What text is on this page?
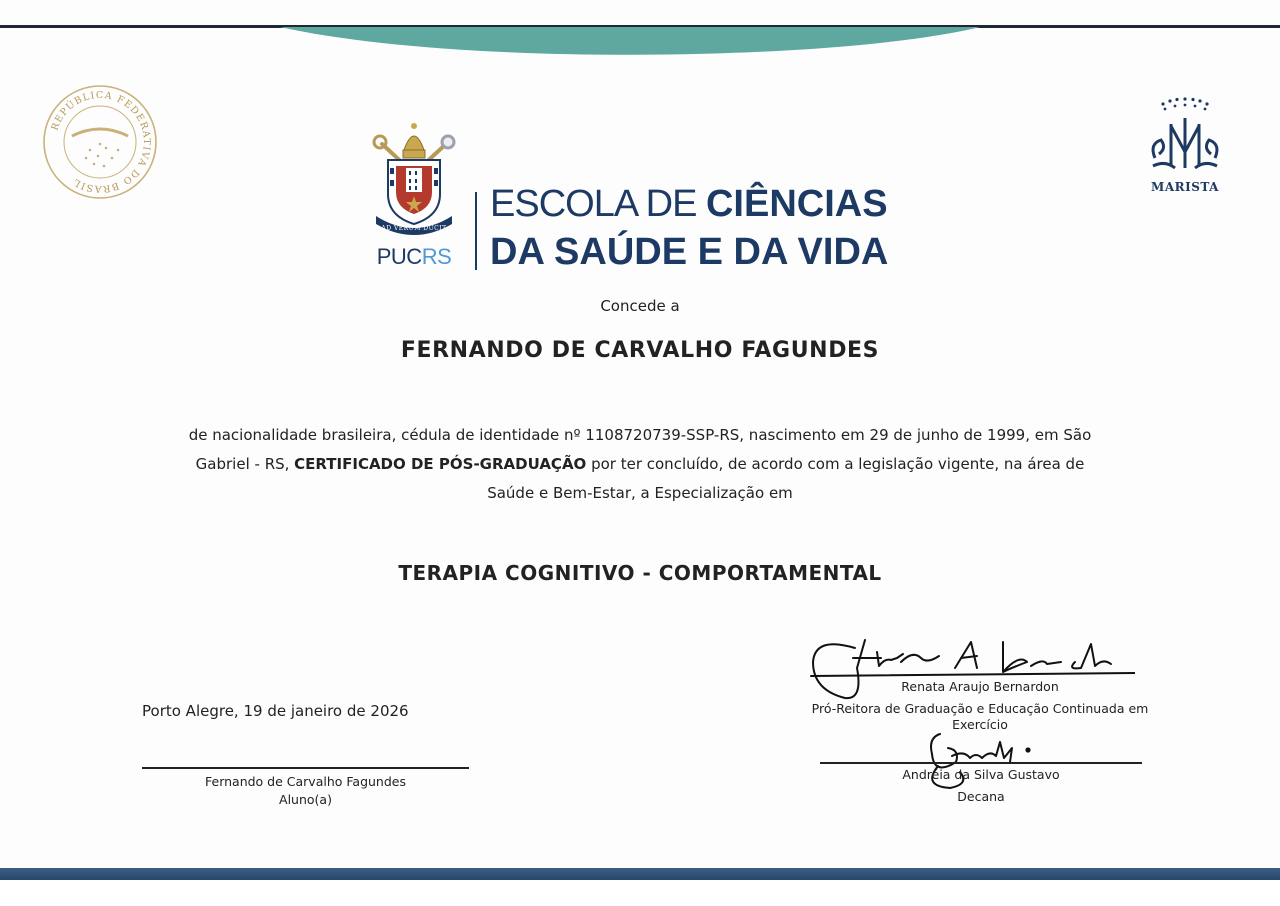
REPÚBLICA FEDERATIVA DO BRASIL	MARISTA
AD VERUM DUCIT
PUCRS
ESCOLA DE CIÊNCIAS
DA SAÚDE E DA VIDA
Concede a
FERNANDO DE CARVALHO FAGUNDES
de nacionalidade brasileira, cédula de identidade nº 1108720739-SSP-RS, nascimento em 29 de junho de 1999, em São Gabriel - RS, CERTIFICADO DE PÓS-GRADUAÇÃO por ter concluído, de acordo com a legislação vigente, na área de Saúde e Bem-Estar, a Especialização em
TERAPIA COGNITIVO - COMPORTAMENTAL
Porto Alegre, 19 de janeiro de 2026
Fernando de Carvalho Fagundes
Aluno(a)
Renata Araujo Bernardon
Pró-Reitora de Graduação e Educação Continuada em Exercício
Andréia da Silva Gustavo
Decana
